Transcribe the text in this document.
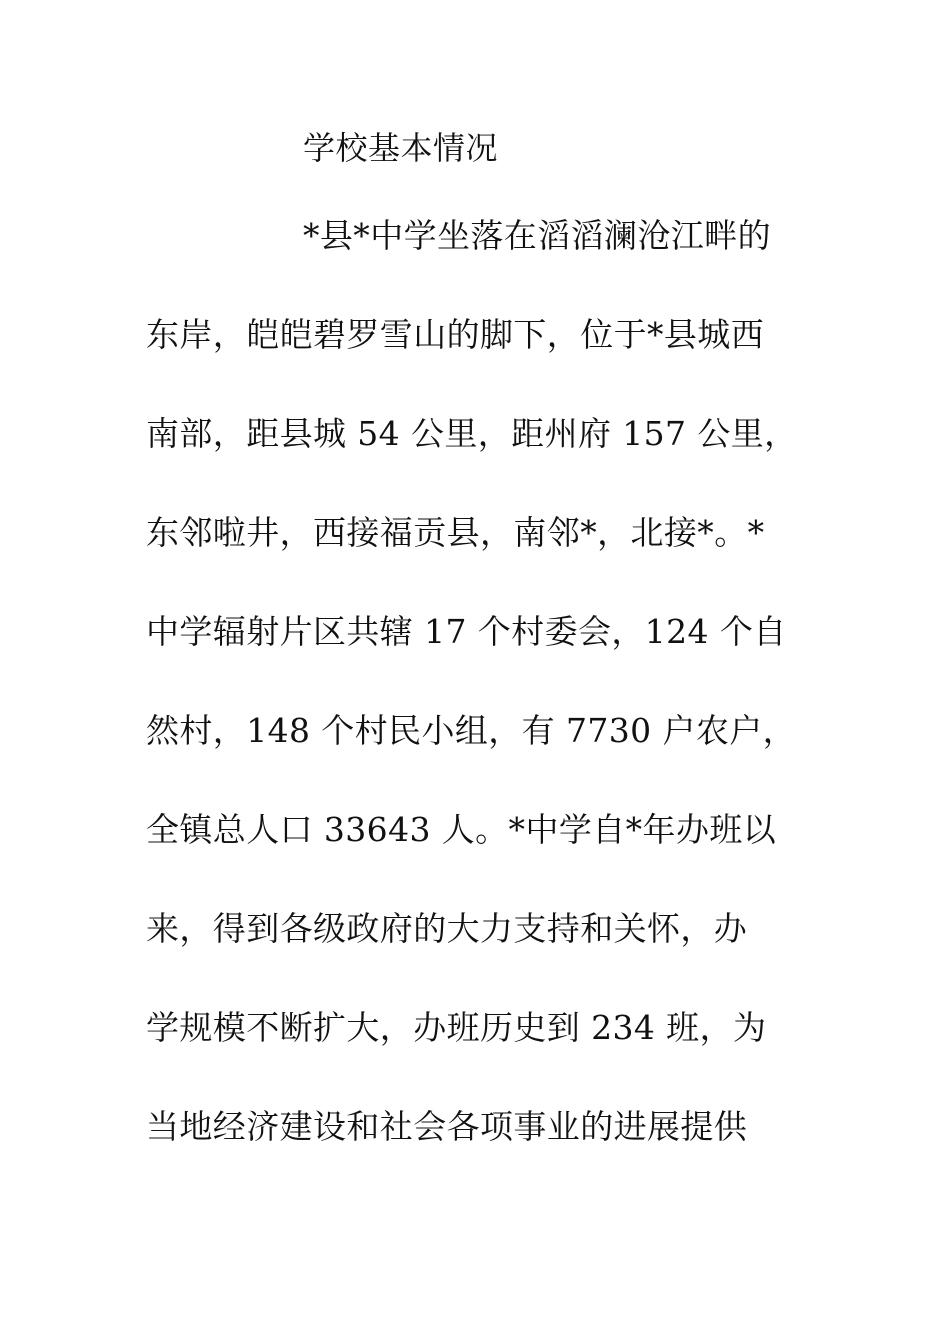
学校基本情况
*县*中学坐落在滔滔澜沧江畔的
东岸，皑皑碧罗雪山的脚下，位于*县城西
南部，距县城 54 公里，距州府 157 公里，
东邻啦井，西接福贡县，南邻*，北接*。*
中学辐射片区共辖 17 个村委会，124 个自
然村，148 个村民小组，有 7730 户农户，
全镇总人口 33643 人。*中学自*年办班以
来，得到各级政府的大力支持和关怀，办
学规模不断扩大，办班历史到 234 班，为
当地经济建设和社会各项事业的进展提供
